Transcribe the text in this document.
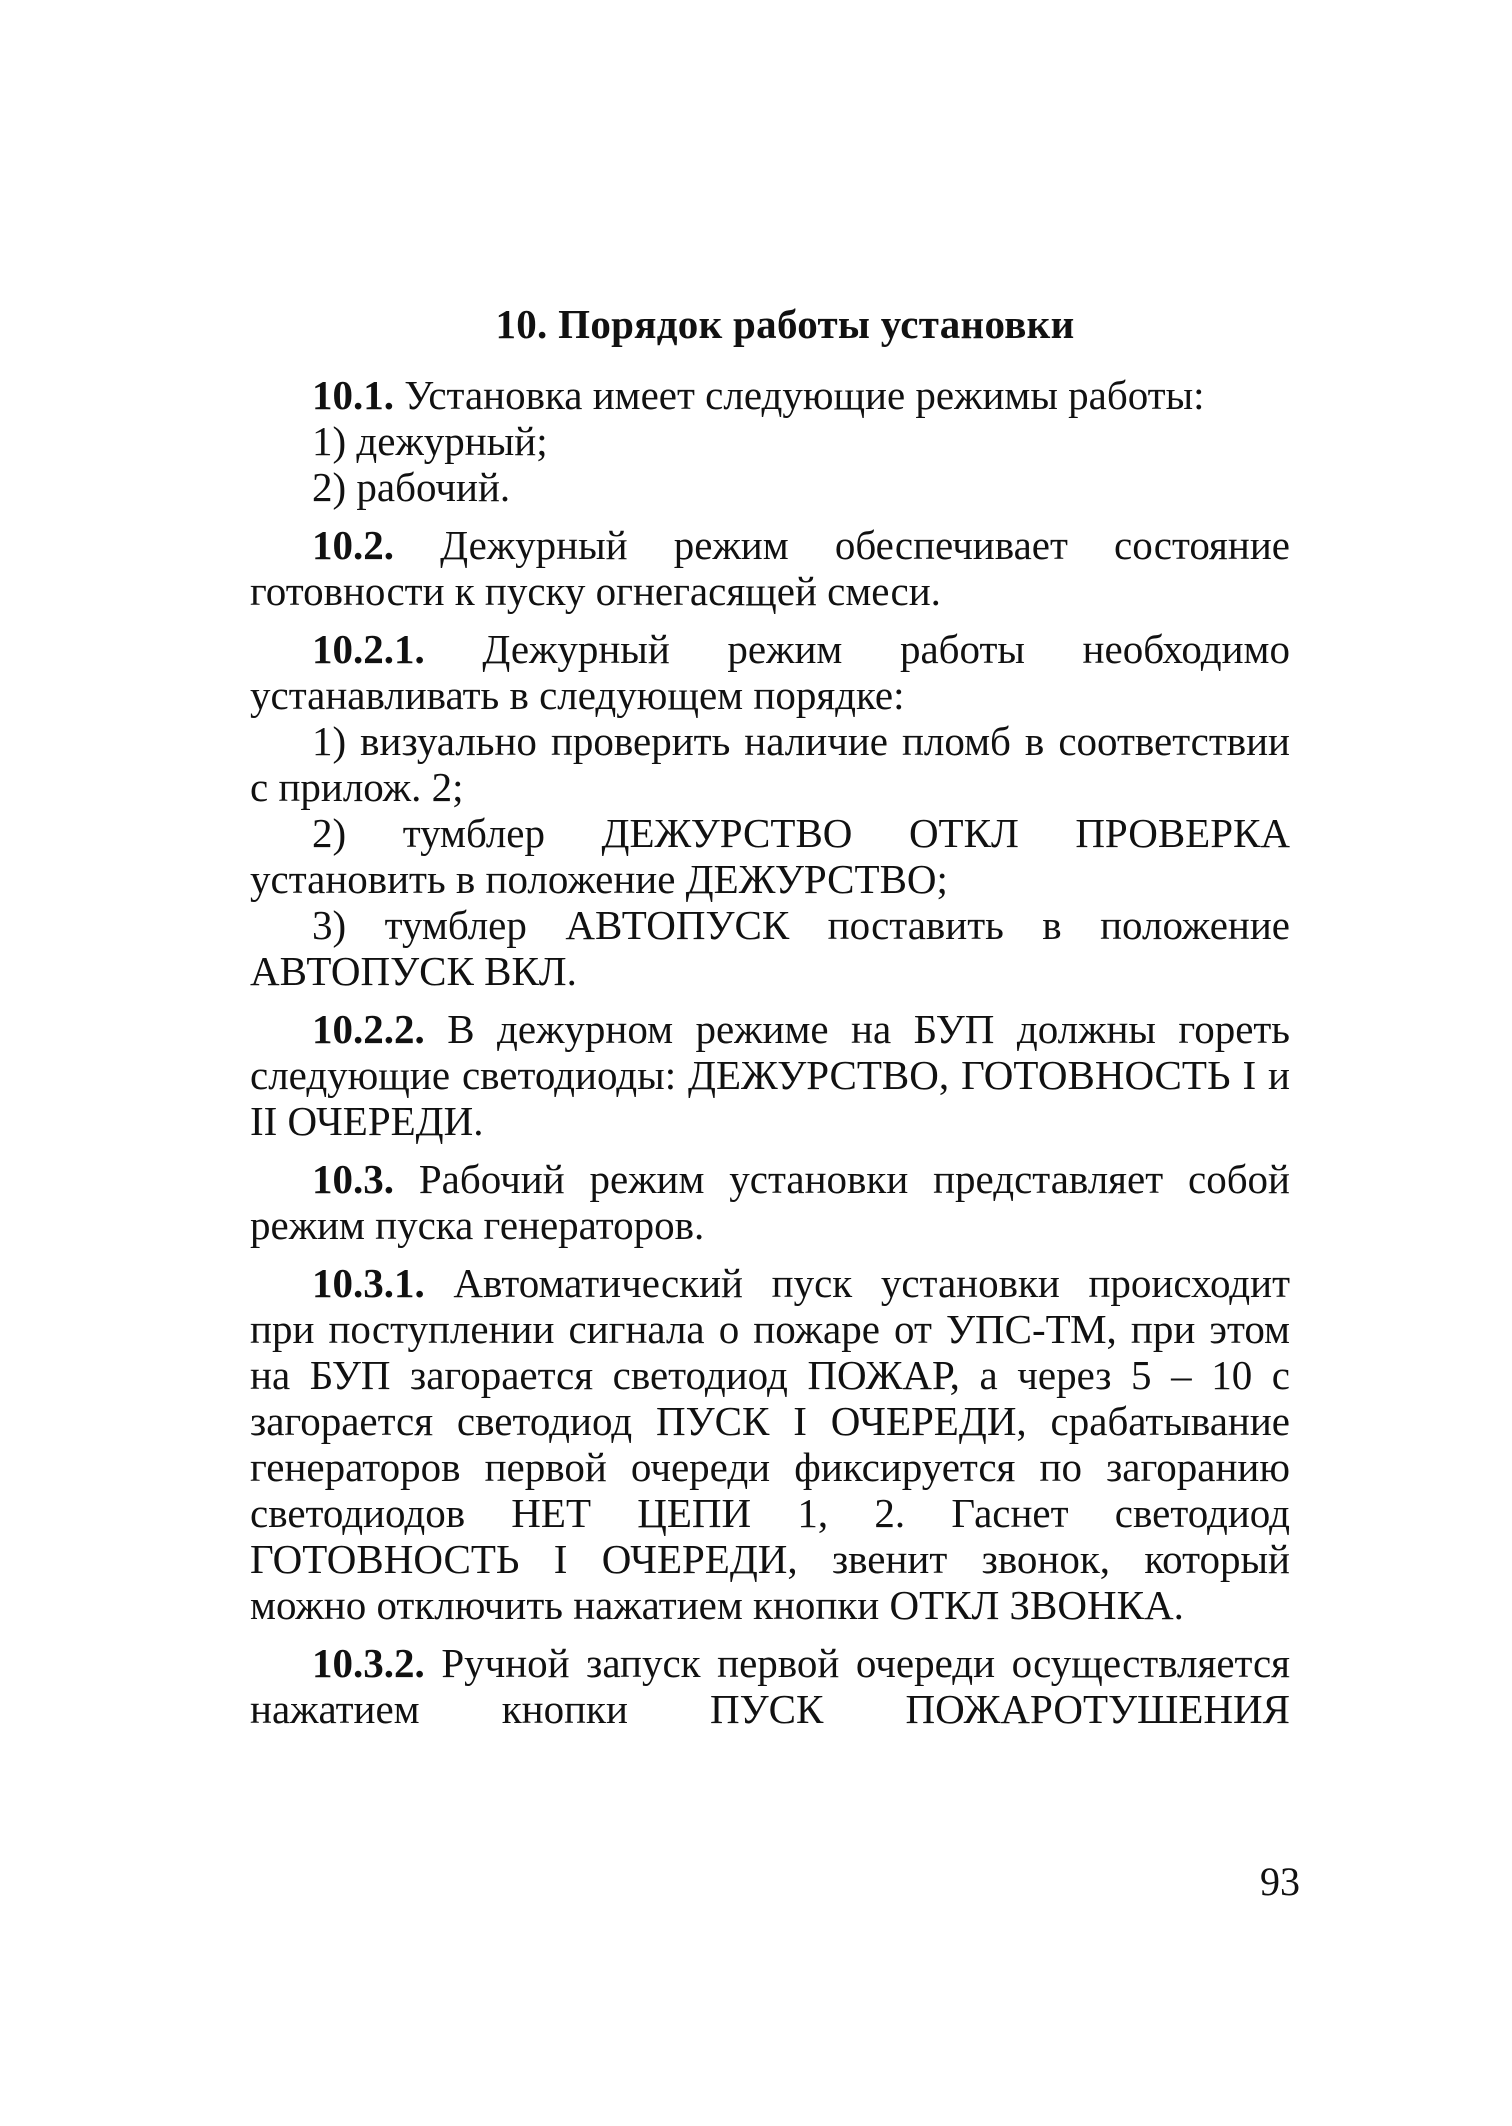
10. Порядок работы установки

10.1. Установка имеет следующие режимы работы:

1) дежурный;

2) рабочий.

10.2. Дежурный режим обеспечивает состояние готовности к пуску огнегасящей смеси.

10.2.1. Дежурный режим работы необходимо устанавливать в следующем порядке:

1) визуально проверить наличие пломб в соответствии с прилож. 2;

2) тумблер ДЕЖУРСТВО ОТКЛ ПРОВЕРКА установить в положение ДЕЖУРСТВО;

3) тумблер АВТОПУСК поставить в положение АВТОПУСК ВКЛ.

10.2.2. В дежурном режиме на БУП должны гореть следующие светодиоды: ДЕЖУРСТВО, ГОТОВНОСТЬ I и II ОЧЕРЕДИ.

10.3. Рабочий режим установки представляет собой режим пуска генераторов.

10.3.1. Автоматический пуск установки происходит при поступлении сигнала о пожаре от УПС-ТМ, при этом на БУП загорается светодиод ПОЖАР, а через 5 – 10 с загорается светодиод ПУСК I ОЧЕРЕДИ, срабатывание генераторов первой очереди фиксируется по загоранию светодиодов НЕТ ЦЕПИ 1, 2. Гаснет светодиод ГОТОВНОСТЬ I ОЧЕРЕДИ, звенит звонок, который можно отключить нажатием кнопки ОТКЛ ЗВОНКА.

10.3.2. Ручной запуск первой очереди осуществляется нажатием кнопки ПУСК ПОЖАРОТУШЕНИЯ

93
